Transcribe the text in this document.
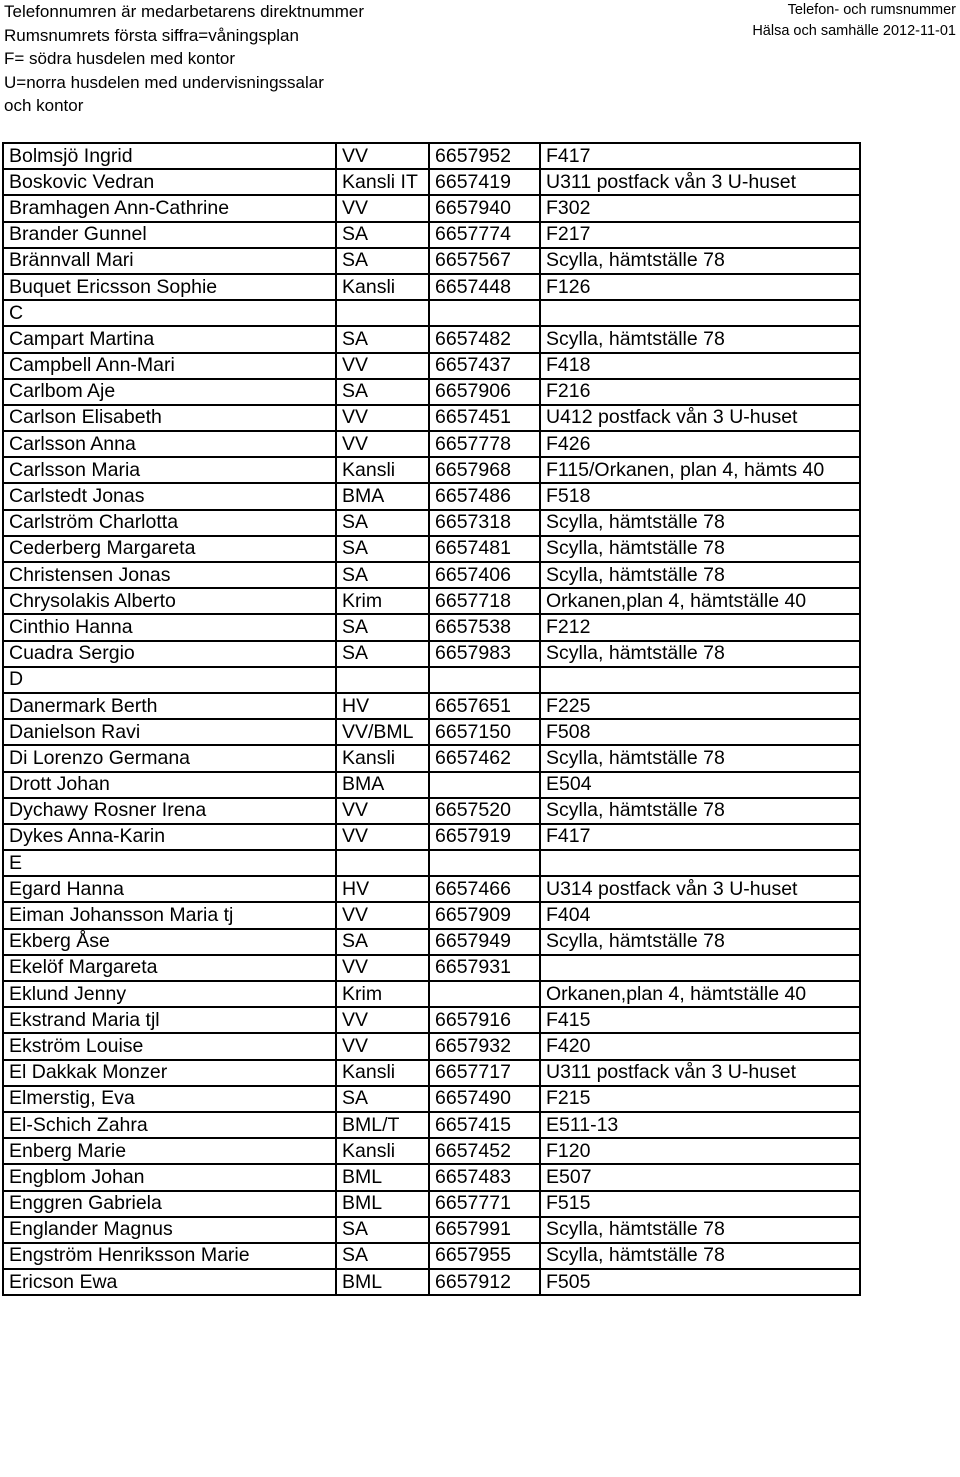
Telefonnumren är medarbetarens direktnummer
Rumsnumrets första siffra=våningsplan
F= södra husdelen med kontor
U=norra husdelen med undervisningssalar
och kontor
Telefon- och rumsnummer
Hälsa och samhälle 2012-11-01
Bolmsjö Ingrid	VV	6657952	F417
Boskovic Vedran	Kansli IT	6657419	U311 postfack vån 3 U-huset
Bramhagen Ann-Cathrine	VV	6657940	F302
Brander Gunnel	SA	6657774	F217
Brännvall Mari	SA	6657567	Scylla, hämtställe 78
Buquet Ericsson Sophie	Kansli	6657448	F126
C			
Campart Martina	SA	6657482	Scylla, hämtställe 78
Campbell Ann-Mari	VV	6657437	F418
Carlbom Aje	SA	6657906	F216
Carlson Elisabeth	VV	6657451	U412 postfack vån 3 U-huset
Carlsson Anna	VV	6657778	F426
Carlsson Maria	Kansli	6657968	F115/Orkanen, plan 4, hämts 40
Carlstedt Jonas	BMA	6657486	F518
Carlström Charlotta	SA	6657318	Scylla, hämtställe 78
Cederberg Margareta	SA	6657481	Scylla, hämtställe 78
Christensen Jonas	SA	6657406	Scylla, hämtställe 78
Chrysolakis Alberto	Krim	6657718	Orkanen,plan 4, hämtställe 40
Cinthio Hanna	SA	6657538	F212
Cuadra Sergio	SA	6657983	Scylla, hämtställe 78
D			
Danermark Berth	HV	6657651	F225
Danielson Ravi	VV/BML	6657150	F508
Di Lorenzo Germana	Kansli	6657462	Scylla, hämtställe 78
Drott Johan	BMA		E504
Dychawy Rosner Irena	VV	6657520	Scylla, hämtställe 78
Dykes Anna-Karin	VV	6657919	F417
E			
Egard Hanna	HV	6657466	U314 postfack vån 3 U-huset
Eiman Johansson Maria tj	VV	6657909	F404
Ekberg Åse	SA	6657949	Scylla, hämtställe 78
Ekelöf Margareta	VV	6657931	
Eklund Jenny	Krim		Orkanen,plan 4, hämtställe 40
Ekstrand Maria tjl	VV	6657916	F415
Ekström Louise	VV	6657932	F420
El Dakkak Monzer	Kansli	6657717	U311 postfack vån 3 U-huset
Elmerstig, Eva	SA	6657490	F215
El-Schich Zahra	BML/T	6657415	E511-13
Enberg Marie	Kansli	6657452	F120
Engblom Johan	BML	6657483	E507
Enggren Gabriela	BML	6657771	F515
Englander Magnus	SA	6657991	Scylla, hämtställe 78
Engström Henriksson Marie	SA	6657955	Scylla, hämtställe 78
Ericson Ewa	BML	6657912	F505
